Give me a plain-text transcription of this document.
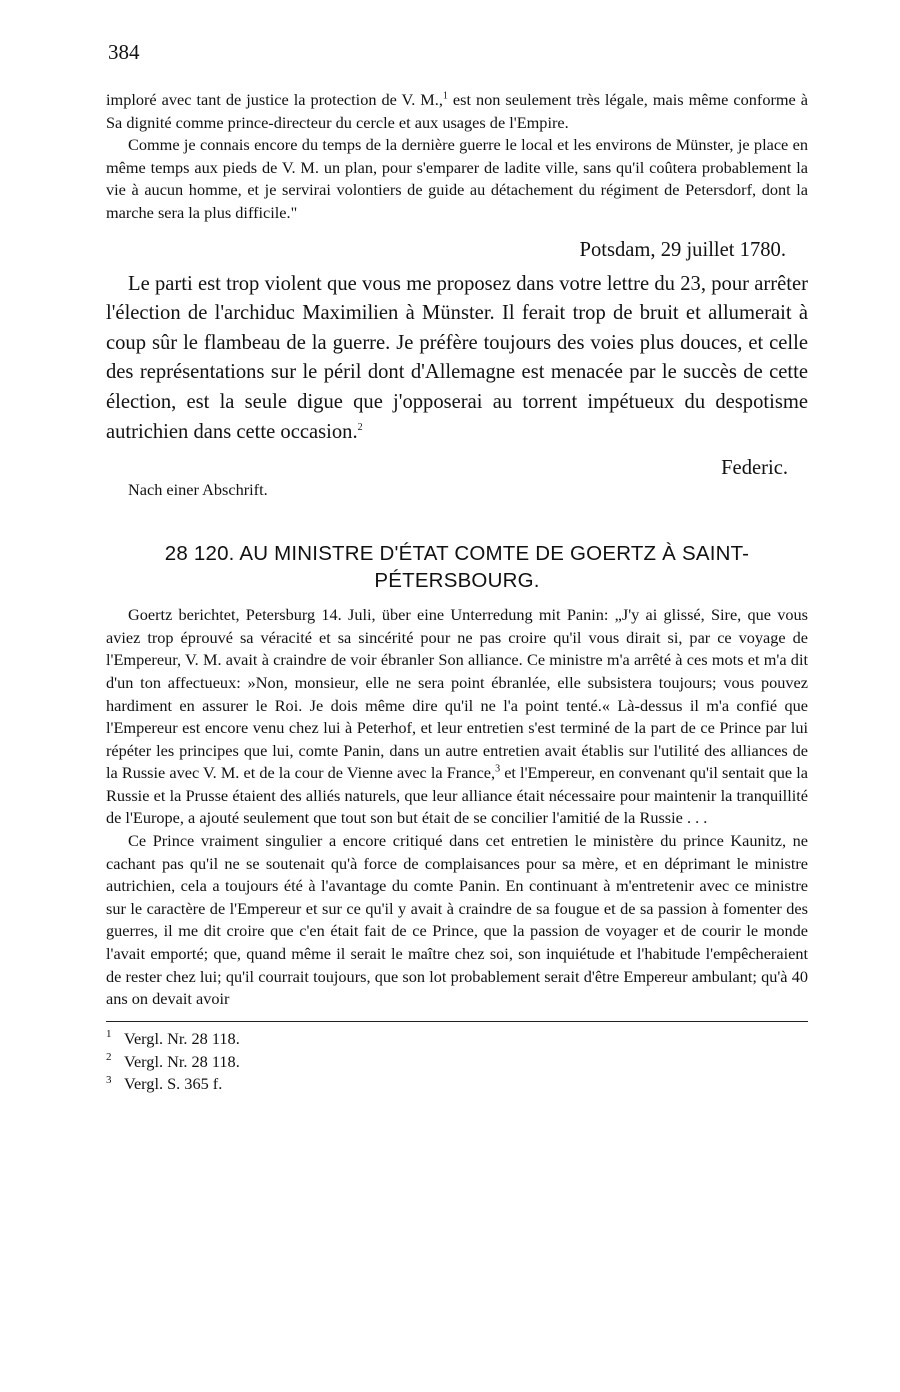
384

imploré avec tant de justice la protection de V. M.,$^1$ est non seulement très légale, mais même conforme à Sa dignité comme prince-directeur du cercle et aux usages de l'Empire.

Comme je connais encore du temps de la dernière guerre le local et les environs de Münster, je place en même temps aux pieds de V. M. un plan, pour s'emparer de ladite ville, sans qu'il coûtera probablement la vie à aucun homme, et je servirai volontiers de guide au détachement du régiment de Petersdorf, dont la marche sera la plus difficile."

Potsdam, 29 juillet 1780.

Le parti est trop violent que vous me proposez dans votre lettre du 23, pour arrêter l'élection de l'archiduc Maximilien à Münster. Il ferait trop de bruit et allumerait à coup sûr le flambeau de la guerre. Je préfère toujours des voies plus douces, et celle des représentations sur le péril dont d'Allemagne est menacée par le succès de cette élection, est la seule digue que j'opposerai au torrent impétueux du despotisme autrichien dans cette occasion.$^2$

Federic.
Nach einer Abschrift.
28 120. AU MINISTRE D'ÉTAT COMTE DE GOERTZ À SAINT-PÉTERSBOURG.

Goertz berichtet, Petersburg 14. Juli, über eine Unterredung mit Panin: „J'y ai glissé, Sire, que vous aviez trop éprouvé sa véracité et sa sincérité pour ne pas croire qu'il vous dirait si, par ce voyage de l'Empereur, V. M. avait à craindre de voir ébranler Son alliance. Ce ministre m'a arrêté à ces mots et m'a dit d'un ton affectueux: »Non, monsieur, elle ne sera point ébranlée, elle subsistera toujours; vous pouvez hardiment en assurer le Roi. Je dois même dire qu'il ne l'a point tenté.« Là-dessus il m'a confié que l'Empereur est encore venu chez lui à Peterhof, et leur entretien s'est terminé de la part de ce Prince par lui répéter les principes que lui, comte Panin, dans un autre entretien avait établis sur l'utilité des alliances de la Russie avec V. M. et de la cour de Vienne avec la France,$^3$ et l'Empereur, en convenant qu'il sentait que la Russie et la Prusse étaient des alliés naturels, que leur alliance était nécessaire pour maintenir la tranquillité de l'Europe, a ajouté seulement que tout son but était de se concilier l'amitié de la Russie . . .

Ce Prince vraiment singulier a encore critiqué dans cet entretien le ministère du prince Kaunitz, ne cachant pas qu'il ne se soutenait qu'à force de complaisances pour sa mère, et en déprimant le ministre autrichien, cela a toujours été à l'avantage du comte Panin. En continuant à m'entretenir avec ce ministre sur le caractère de l'Empereur et sur ce qu'il y avait à craindre de sa fougue et de sa passion à fomenter des guerres, il me dit croire que c'en était fait de ce Prince, que la passion de voyager et de courir le monde l'avait emporté; que, quand même il serait le maître chez soi, son inquiétude et l'habitude l'empêcheraient de rester chez lui; qu'il courrait toujours, que son lot probablement serait d'être Empereur ambulant; qu'à 40 ans on devait avoir

1 Vergl. Nr. 28 118.

2 Vergl. Nr. 28 118.

3 Vergl. S. 365 f.
